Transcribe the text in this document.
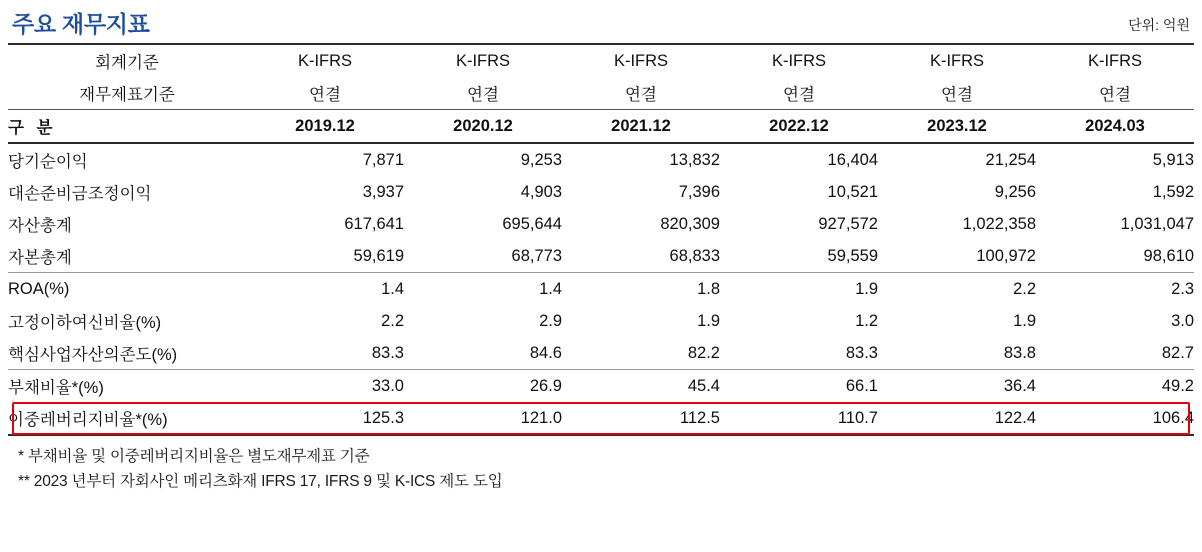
주요 재무지표	단위: 억원
회계기준	K-IFRS	K-IFRS	K-IFRS	K-IFRS	K-IFRS	K-IFRS
재무제표기준	연결	연결	연결	연결	연결	연결
구 분	2019.12	2020.12	2021.12	2022.12	2023.12	2024.03
당기순이익	7,871	9,253	13,832	16,404	21,254	5,913
대손준비금조정이익	3,937	4,903	7,396	10,521	9,256	1,592
자산총계	617,641	695,644	820,309	927,572	1,022,358	1,031,047
자본총계	59,619	68,773	68,833	59,559	100,972	98,610
ROA(%)	1.4	1.4	1.8	1.9	2.2	2.3
고정이하여신비율(%)	2.2	2.9	1.9	1.2	1.9	3.0
핵심사업자산의존도(%)	83.3	84.6	82.2	83.3	83.8	82.7
부채비율*(%)	33.0	26.9	45.4	66.1	36.4	49.2
이중레버리지비율*(%)	125.3	121.0	112.5	110.7	122.4	106.4
* 부채비율 및 이중레버리지비율은 별도재무제표 기준
** 2023 년부터 자회사인 메리츠화재 IFRS 17, IFRS 9 및 K-ICS 제도 도입
